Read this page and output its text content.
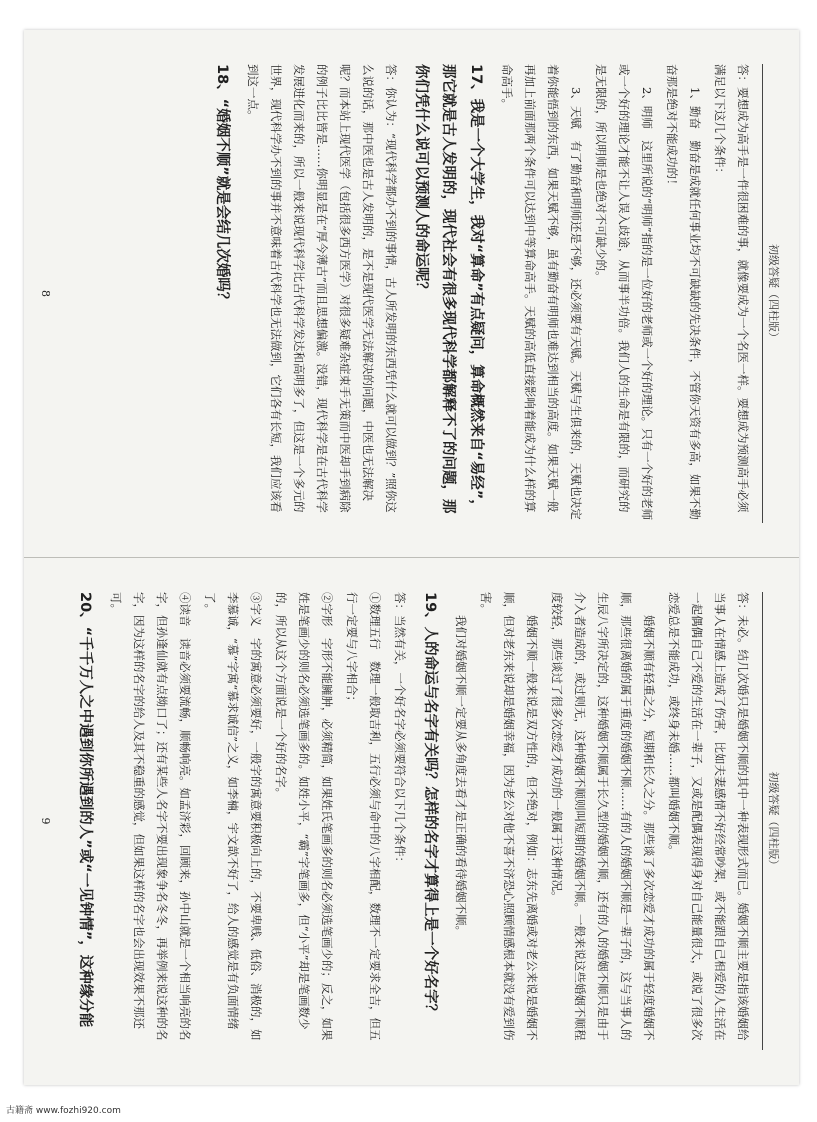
初级答疑（四柱版）

答：要想成为高手是一件很困难的事，就像要成为一个名医一样。要想成为预测高手必须满足以下这几个条件：

1、勤奋　勤奋是成就任何事业均不可缺缺的先决条件，不管你天资有多高，如果不勤奋那是绝对不能成功的！

2、明师　这里所说的“明师”指的是一位好的老师或一个好的理论。只有一个好的老师或一个好的理论才能不让人误入歧途，从而事半功倍。我们人的生命是有限的，而研究的是无限的，所以明师是也绝对不可缺少的。

3、天赋　有了勤奋和明师还是不够，还必须要有天赋。天赋与生俱来的，天赋也决定着你能悟到的东西，如果天赋不够，虽有勤奋有明师也难达到相当的高度。如果天赋一般再加上前面那两个条件可以达到中等算命高手。天赋的高低直接影响着能成为什么样的算命高手。

17、我是一个大学生，我对“算命”有点疑问，算命概然来自“易经”，那它就是古人发明的，现代社会有很多现代科学都解释不了的问题，那你们凭什么说可以预测人的命运呢？

答：你认为：“现代科学都办不到的事情，古人所发明的东西凭什么就可以做到？”照你这么说的话，那中医也是古人发明的，是不是现代医学无法解决的问题，中医也无法解决呢？而本站上现代医学（包括很多西方医学）对很多疑难杂症束手无策而中医却手到病除的例子比比皆是……你明显是在“厚今薄古”而且思想偏激。没错，现代科学是在古代科学发展进化而来的，所以一般来说现代科学比古代科学发达和高明多了，但这是一个多元的世界，现代科学办不到的事并不意味着古代科学也无法做到，它们各有长短，我们应该看到这一点。

18、“婚姻不顺”就是会结几次婚吗？
8
初级答疑（四柱版）

答：未必。结几次婚只是婚姻不顺的其中一种表现形式而已。婚姻不顺主要是指该婚姻给当事人在情感上造成了伤害，比如夫妻感情不好经常吵架，或不能跟自己相爱的人生活在一起偶偶自己不爱的生活在一辈子，又或是配偶表现得身对自己能量很大，或说了很多次恋爱总是不能成功，或终身未婚……都叫婚姻不顺。

婚姻不顺有轻重之分，短期和长久之分。那些谈了多次恋爱才成功的属于轻度婚姻不顺，那些很离婚的属于重度的婚姻不顺……有的人的婚姻不顺是一辈子的，这与当事人的生辰八字所决定的，这种婚姻不顺属于长久型的婚姻不顺，还有的人的婚姻不顺只是由于介入者造成的，或过则无，这种婚姻不顺则叫短期的婚姻不顺。一般来说这些婚姻不顺程度较轻，那些谈过了很多次恋爱才成功的一般属于这种情况。

婚姻不顺一般来说是双方性的，但不绝对，例如：志东先离婚或对老公来说是婚姻不顺，但对老东来说却是婚姻幸福，因为老公对他不喜不济恐心照顾情感根本就没有爱到伤害。

我们对婚姻不顺一定要从多角度去看才是正确的看待婚姻不顺。

19、人的命运与名字有关吗？怎样的名字才算得上是一个好名字？

答：当然有关，一个好名字必须要符合以下几个条件：

①数理五行　数理一般取吉利，五行必须与命中的八字相配，数理不一定要求全吉，但五行一定要与八字相合；

②字形　字形不能臃肿，必须精简，如果姓氏笔画多的则名必须选笔画少的；反之，如果姓是笔画少的则名必须选笔画多的。如姓小平，“霸”字笔画多，但“小平”却是笔画数少的，所以从这个方面说是一个好的名字。

③字义　字的寓意必须要好，一般字的寓意要积极向上的，不要卑贱、低俗、消极的，如李慕诚，“慕”字寓“慕求诚信”之义，如李楠，宇文歆不好了，给人的感觉是有负面情绪了。

④读音　读音必须要流畅，顺畅响亮。如孟济彩，回顾来，孙中山就是一个相当响亮的名字，但孙逢仙就有点拗口了；还有某些人名字不要出现象争名冬冬，再举例来说这种的名字，因为这样的名字的给人及其不稳重的感觉，但如果这样的名字也会出现效果不那还可。

20、“千千万人之中遇到你所遇到的人”或“一见钟情”，这种缘分能
9
古籍斋 www.fozhi920.com
